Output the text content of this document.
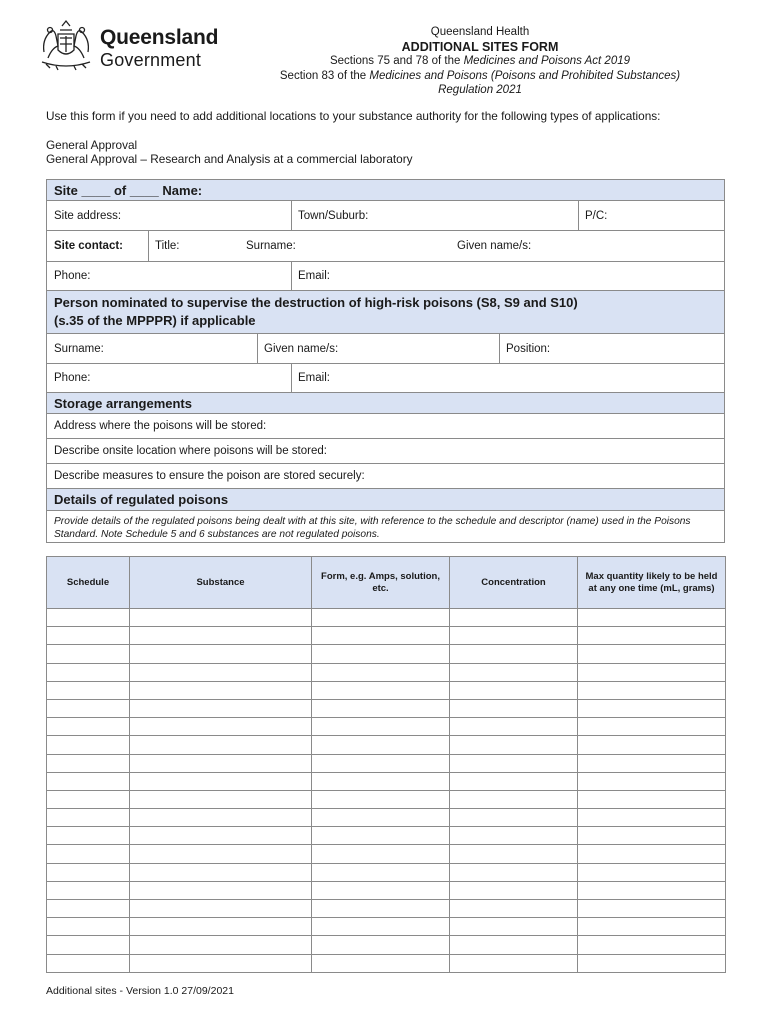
Queensland
Government
Queensland Health
ADDITIONAL SITES FORM
Sections 75 and 78 of the Medicines and Poisons Act 2019
Section 83 of the Medicines and Poisons (Poisons and Prohibited Substances)
Regulation 2021
Use this form if you need to add additional locations to your substance authority for the following types of applications:
General Approval
General Approval – Research and Analysis at a commercial laboratory
Site ____ of ____ Name:
Site address:	Town/Suburb:	P/C:
Site contact:	Title:	Surname:	Given name/s:
Phone:	Email:
Person nominated to supervise the destruction of high-risk poisons (S8, S9 and S10)
(s.35 of the MPPPR) if applicable
Surname:	Given name/s:	Position:
Phone:	Email:
Storage arrangements
Address where the poisons will be stored:
Describe onsite location where poisons will be stored:
Describe measures to ensure the poison are stored securely:
Details of regulated poisons
Provide details of the regulated poisons being dealt with at this site, with reference to the schedule and descriptor (name) used in the Poisons Standard. Note Schedule 5 and 6 substances are not regulated poisons.
Schedule	Substance	Form, e.g. Amps, solution, etc.	Concentration	Max quantity likely to be held at any one time (mL, grams)

Additional sites - Version 1.0 27/09/2021
